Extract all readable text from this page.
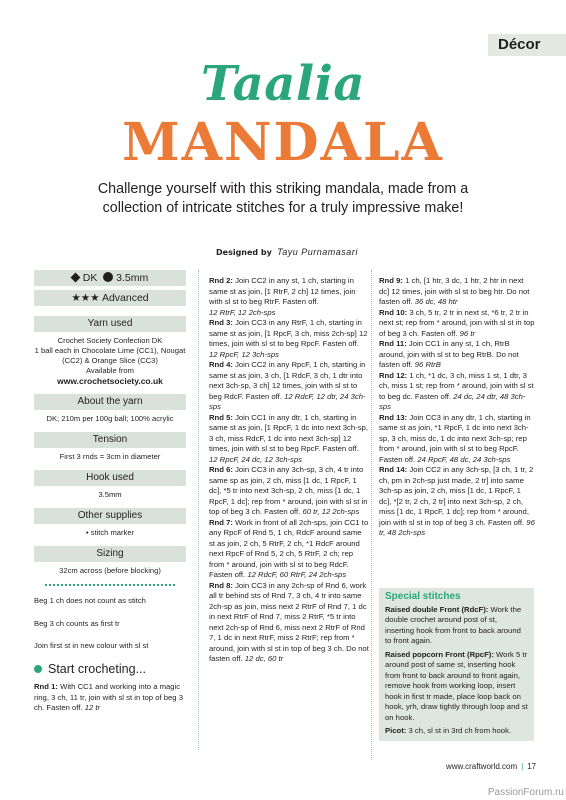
Décor
Taalia
MANDALA
Challenge yourself with this striking mandala, made from a collection of intricate stitches for a truly impressive make!
Designed by Tayu Purnamasari
DK 3.5mm
★★★ Advanced
Yarn used
Crochet Society Confection DK
1 ball each in Chocolate Lime (CC1), Nougat
(CC2) & Orange Slice (CC3)
Available from
www.crochetsociety.co.uk
About the yarn
DK; 210m per 100g ball; 100% acrylic
Tension
First 3 rnds = 3cm in diameter
Hook used
3.5mm
Other supplies
• stitch marker
Sizing
32cm across (before blocking)
Beg 1 ch does not count as stitch
Beg 3 ch counts as first tr
Join first st in new colour with sl st
Start crocheting...
Rnd 1: With CC1 and working into a magic ring, 3 ch, 11 tr, join with sl st in top of beg 3 ch. Fasten off. 12 tr

Rnd 2: Join CC2 in any st, 1 ch, starting in same st as join, [1 RtrF, 2 ch] 12 times, join with sl st to beg RtrF. Fasten off.
12 RtrF, 12 2ch-sps

Rnd 3: Join CC3 in any RtrF, 1 ch, starting in same st as join, [1 RpcF, 3 ch, miss 2ch-sp] 12 times, join with sl st to beg RpcF. Fasten off. 12 RpcF, 12 3ch-sps

Rnd 4: Join CC2 in any RpcF, 1 ch, starting in same st as join, 3 ch, [1 RdcF, 3 ch, 1 dtr into next 3ch-sp, 3 ch] 12 times, join with sl st to beg RdcF. Fasten off. 12 RdcF, 12 dtr, 24 3ch-sps

Rnd 5: Join CC1 in any dtr, 1 ch, starting in same st as join, [1 RpcF, 1 dc into next 3ch-sp, 3 ch, miss RdcF, 1 dc into next 3ch-sp] 12 times, join with sl st to beg RpcF. Fasten off. 12 RpcF, 24 dc, 12 3ch-sps

Rnd 6: Join CC3 in any 3ch-sp, 3 ch, 4 tr into same sp as join, 2 ch, miss [1 dc, 1 RpcF, 1 dc], *5 tr into next 3ch-sp, 2 ch, miss [1 dc, 1 RpcF, 1 dc]; rep from * around, join with sl st in top of beg 3 ch. Fasten off. 60 tr, 12 2ch-sps

Rnd 7: Work in front of all 2ch-sps, join CC1 to any RpcF of Rnd 5, 1 ch, RdcF around same st as join, 2 ch, 5 RtrF, 2 ch, *1 RdcF around next RpcF of Rnd 5, 2 ch, 5 RtrF, 2 ch; rep from * around, join with sl st to beg RdcF. Fasten off. 12 RdcF, 60 RtrF, 24 2ch-sps

Rnd 8: Join CC3 in any 2ch-sp of Rnd 6, work all tr behind sts of Rnd 7, 3 ch, 4 tr into same 2ch-sp as join, miss next 2 RtrF of Rnd 7, 1 dc in next RtrF of Rnd 7, miss 2 RtrF, *5 tr into next 2ch-sp of Rnd 6, miss next 2 RtrF of Rnd 7, 1 dc in next RtrF, miss 2 RtrF; rep from * around, join with sl st in top of beg 3 ch. Do not fasten off. 12 dc, 60 tr

Rnd 9: 1 ch, [1 htr, 3 dc, 1 htr, 2 htr in next dc] 12 times, join with sl st to beg htr. Do not fasten off. 36 dc, 48 htr

Rnd 10: 3 ch, 5 tr, 2 tr in next st, *6 tr, 2 tr in next st; rep from * around, join with sl st in top of beg 3 ch. Fasten off. 96 tr

Rnd 11: Join CC1 in any st, 1 ch, RtrB around, join with sl st to beg RtrB. Do not fasten off. 96 RtrB

Rnd 12: 1 ch, *1 dc, 3 ch, miss 1 st, 1 dtr, 3 ch, miss 1 st; rep from * around, join with sl st to beg dc. Fasten off. 24 dc, 24 dtr, 48 3ch-sps

Rnd 13: Join CC3 in any dtr, 1 ch, starting in same st as join, *1 RpcF, 1 dc into next 3ch-sp, 3 ch, miss dc, 1 dc into next 3ch-sp; rep from * around, join with sl st to beg RpcF. Fasten off. 24 RpcF, 48 dc, 24 3ch-sps

Rnd 14: Join CC2 in any 3ch-sp, [3 ch, 1 tr, 2 ch, pm in 2ch-sp just made, 2 tr] into same 3ch-sp as join, 2 ch, miss [1 dc, 1 RpcF, 1 dc], *[2 tr, 2 ch, 2 tr] into next 3ch-sp, 2 ch, miss [1 dc, 1 RpcF, 1 dc]; rep from * around, join with sl st in top of beg 3 ch. Fasten off. 96 tr, 48 2ch-sps

Special stitches
Raised double Front (RdcF): Work the double crochet around post of st, inserting hook from front to back around to front again.
Raised popcorn Front (RpcF): Work 5 tr around post of same st, inserting hook from front to back around to front again, remove hook from working loop, insert hook in first tr made, place loop back on hook, yrh, draw tightly through loop and st on hook.
Picot: 3 ch, sl st in 3rd ch from hook.
www.craftworld.com | 17
PassionForum.ru
